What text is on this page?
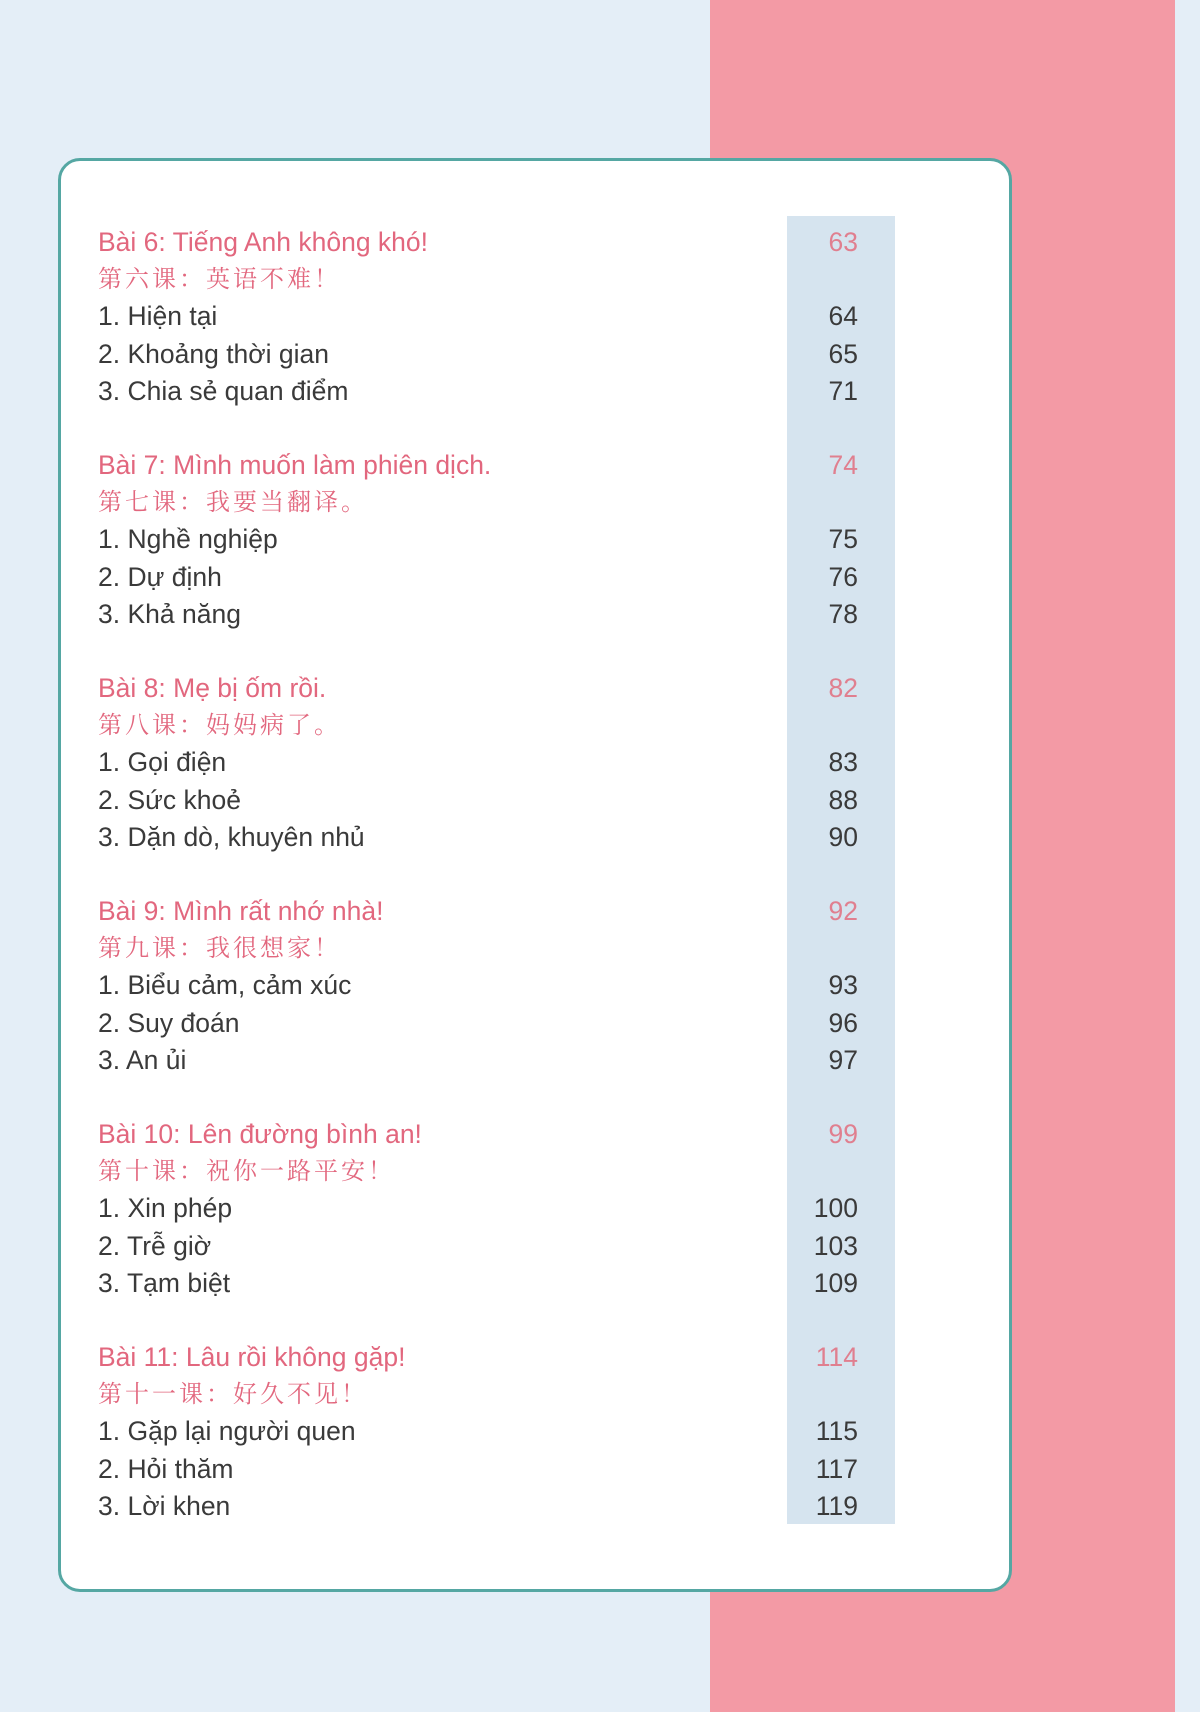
Bài 6: Tiếng Anh không khó!	63
第六课：英语不难！
1. Hiện tại	64
2. Khoảng thời gian	65
3. Chia sẻ quan điểm	71
Bài 7: Mình muốn làm phiên dịch.	74
第七课：我要当翻译。
1. Nghề nghiệp	75
2. Dự định	76
3. Khả năng	78
Bài 8: Mẹ bị ốm rồi.	82
第八课：妈妈病了。
1. Gọi điện	83
2. Sức khoẻ	88
3. Dặn dò, khuyên nhủ	90
Bài 9: Mình rất nhớ nhà!	92
第九课：我很想家！
1. Biểu cảm, cảm xúc	93
2. Suy đoán	96
3. An ủi	97
Bài 10: Lên đường bình an!	99
第十课：祝你一路平安！
1. Xin phép	100
2. Trễ giờ	103
3. Tạm biệt	109
Bài 11: Lâu rồi không gặp!	114
第十一课：好久不见！
1. Gặp lại người quen	115
2. Hỏi thăm	117
3. Lời khen	119
